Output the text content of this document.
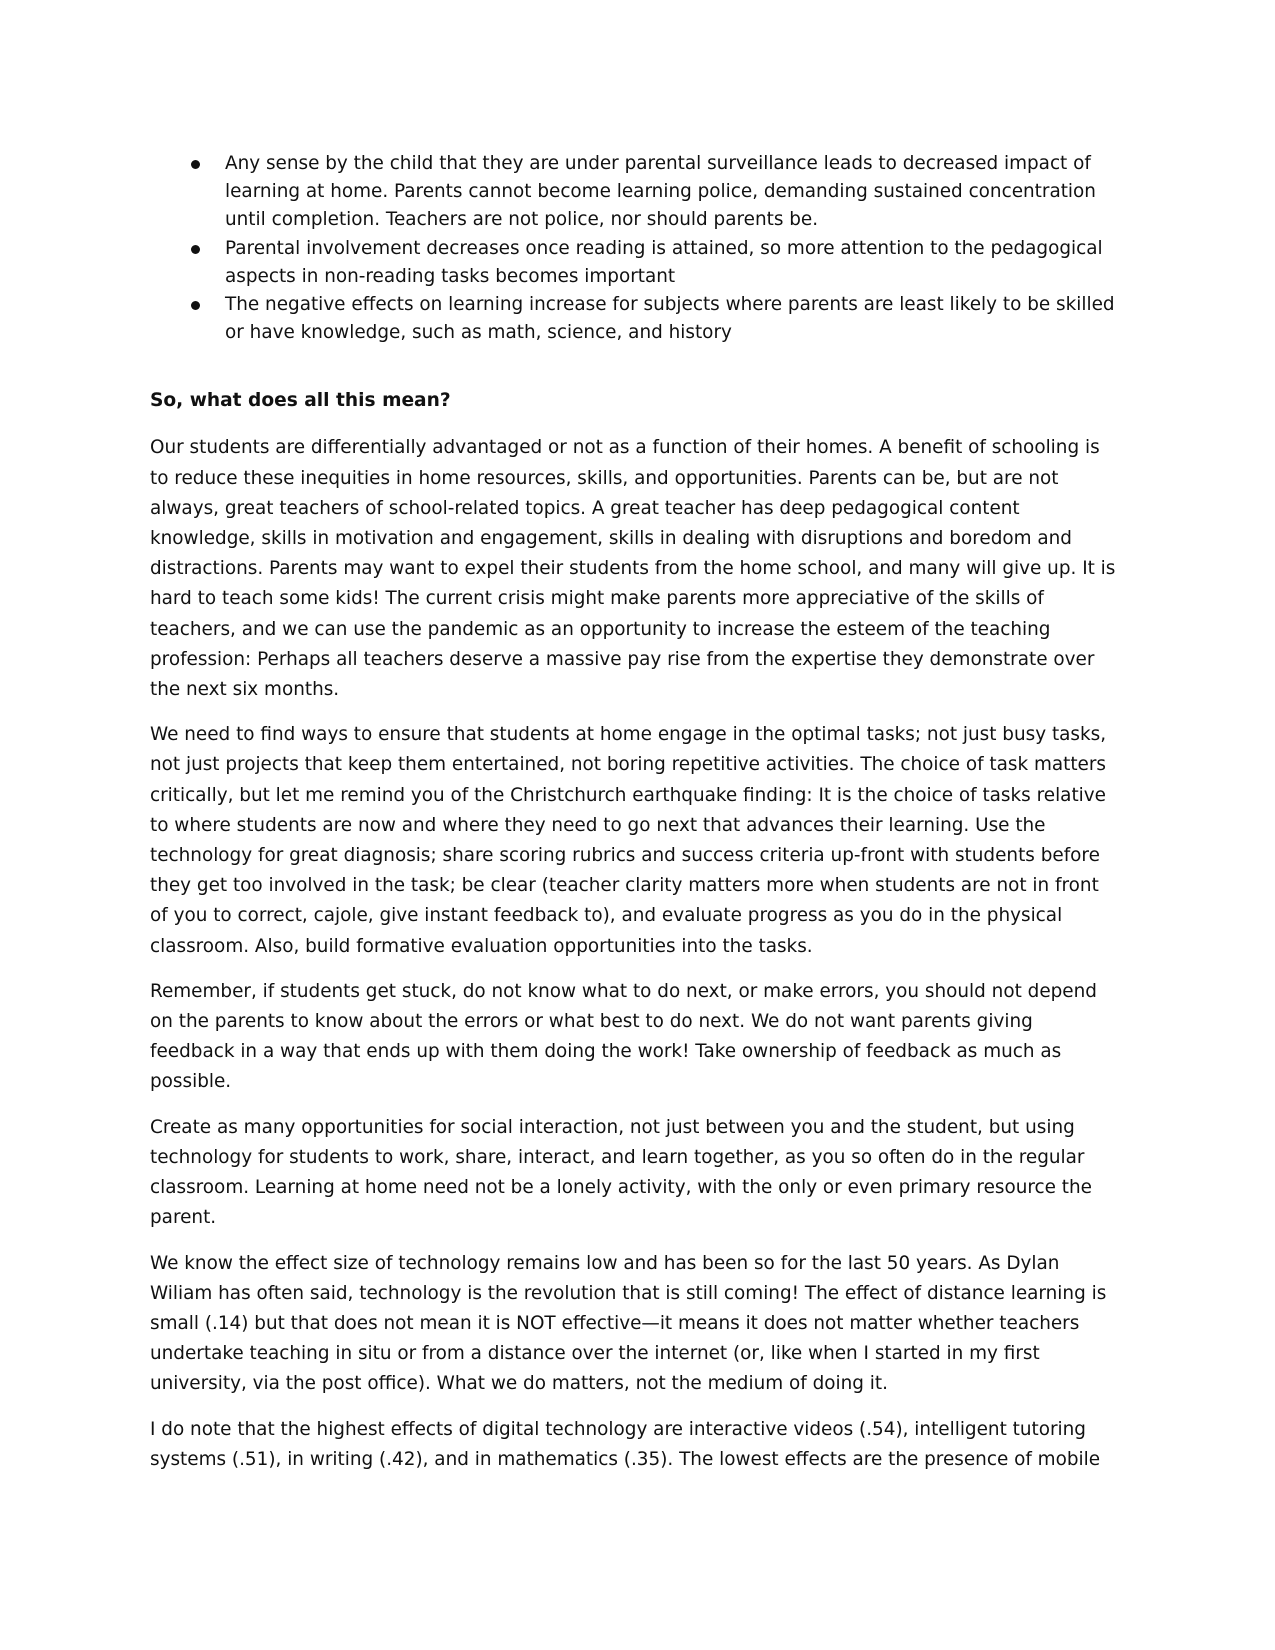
Any sense by the child that they are under parental surveillance leads to decreased impact of learning at home. Parents cannot become learning police, demanding sustained concentration until completion. Teachers are not police, nor should parents be.
Parental involvement decreases once reading is attained, so more attention to the pedagogical aspects in non-reading tasks becomes important
The negative effects on learning increase for subjects where parents are least likely to be skilled or have knowledge, such as math, science, and history
So, what does all this mean?

Our students are differentially advantaged or not as a function of their homes. A benefit of schooling is to reduce these inequities in home resources, skills, and opportunities. Parents can be, but are not always, great teachers of school-related topics. A great teacher has deep pedagogical content knowledge, skills in motivation and engagement, skills in dealing with disruptions and boredom and distractions. Parents may want to expel their students from the home school, and many will give up. It is hard to teach some kids! The current crisis might make parents more appreciative of the skills of teachers, and we can use the pandemic as an opportunity to increase the esteem of the teaching profession: Perhaps all teachers deserve a massive pay rise from the expertise they demonstrate over the next six months.

We need to find ways to ensure that students at home engage in the optimal tasks; not just busy tasks, not just projects that keep them entertained, not boring repetitive activities. The choice of task matters critically, but let me remind you of the Christchurch earthquake finding: It is the choice of tasks relative to where students are now and where they need to go next that advances their learning. Use the technology for great diagnosis; share scoring rubrics and success criteria up-front with students before they get too involved in the task; be clear (teacher clarity matters more when students are not in front of you to correct, cajole, give instant feedback to), and evaluate progress as you do in the physical classroom. Also, build formative evaluation opportunities into the tasks.

Remember, if students get stuck, do not know what to do next, or make errors, you should not depend on the parents to know about the errors or what best to do next. We do not want parents giving feedback in a way that ends up with them doing the work! Take ownership of feedback as much as possible.

Create as many opportunities for social interaction, not just between you and the student, but using technology for students to work, share, interact, and learn together, as you so often do in the regular classroom. Learning at home need not be a lonely activity, with the only or even primary resource the parent.

We know the effect size of technology remains low and has been so for the last 50 years. As Dylan Wiliam has often said, technology is the revolution that is still coming! The effect of distance learning is small (.14) but that does not mean it is NOT effective—it means it does not matter whether teachers undertake teaching in situ or from a distance over the internet (or, like when I started in my first university, via the post office). What we do matters, not the medium of doing it.

I do note that the highest effects of digital technology are interactive videos (.54), intelligent tutoring systems (.51), in writing (.42), and in mathematics (.35). The lowest effects are the presence of mobile
